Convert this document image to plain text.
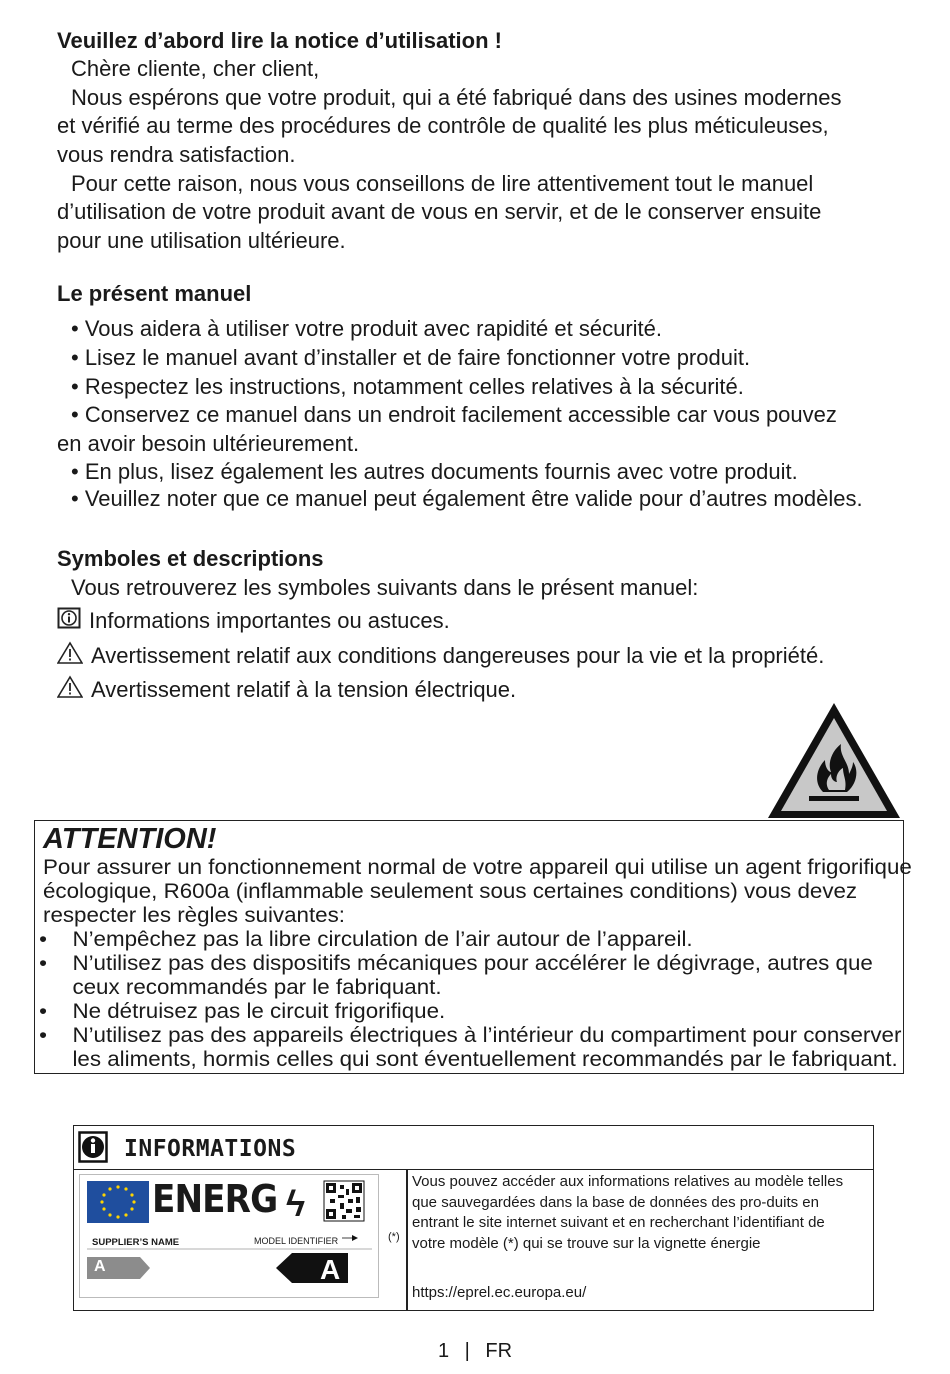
Veuillez d’abord lire la notice d’utilisation !
Chère cliente, cher client,
Nous espérons que votre produit, qui a été fabriqué dans des usines modernes
et vérifié au terme des procédures de contrôle de qualité les plus méticuleuses,
vous rendra satisfaction.
Pour cette raison, nous vous conseillons de lire attentivement tout le manuel
d’utilisation de votre produit avant de vous en servir, et de le conserver ensuite
pour une utilisation ultérieure.
Le présent manuel
• Vous aidera à utiliser votre produit avec rapidité et sécurité.
• Lisez le manuel avant d’installer et de faire fonctionner votre produit.
• Respectez les instructions, notamment celles relatives à la sécurité.
• Conservez ce manuel dans un endroit facilement accessible car vous pouvez
en avoir besoin ultérieurement.
• En plus, lisez également les autres documents fournis avec votre produit.
• Veuillez noter que ce manuel peut également être valide pour d’autres modèles.
Symboles et descriptions
Vous retrouverez les symboles suivants dans le présent manuel:
Informations importantes ou astuces.
Avertissement relatif aux conditions dangereuses pour la vie et la propriété.
Avertissement relatif à la tension électrique.
ATTENTION!
Pour assurer un fonctionnement normal de votre appareil qui utilise un agent frigorifique écologique, R600a (inflammable seulement sous certaines conditions) vous devez respecter les règles suivantes:
• N’empêchez pas la libre circulation de l’air autour de l’appareil.
• N’utilisez pas des dispositifs mécaniques pour accélérer le dégivrage, autres que ceux recommandés par le fabriquant.
• Ne détruisez pas le circuit frigorifique.
• N’utilisez pas des appareils électriques à l’intérieur du compartiment pour conserver les aliments, hormis celles qui sont éventuellement recommandés par le fabriquant.
INFORMATIONS
ENERG ϟ
SUPPLIER’S NAME	MODEL IDENTIFIER	(*)
A	A
Vous pouvez accéder aux informations relatives au modèle telles que sauvegardées dans la base de données des pro-duits en entrant le site internet suivant et en recherchant l’identifiant de votre modèle (*) qui se trouve sur la vignette énergie
https://eprel.ec.europa.eu/
1 | FR
